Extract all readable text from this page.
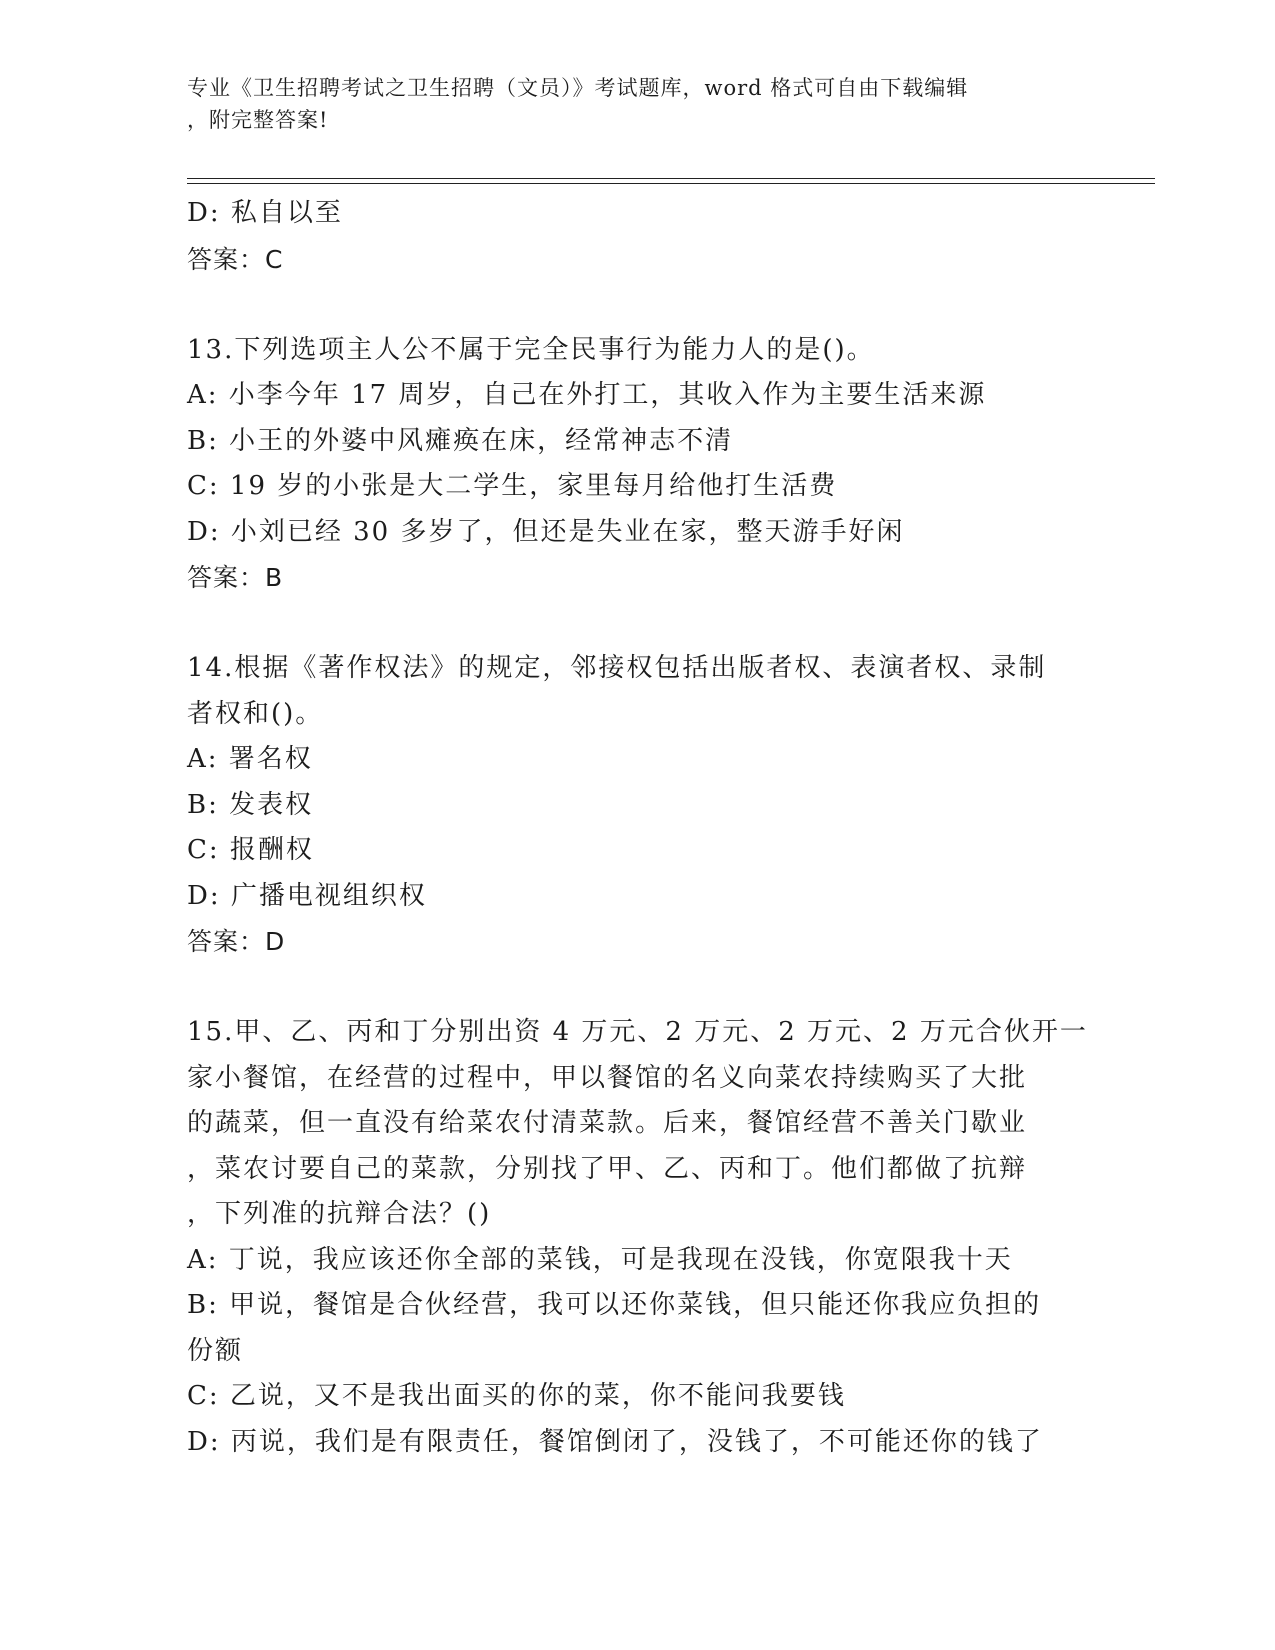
专业《卫生招聘考试之卫生招聘（文员）》考试题库，word 格式可自由下载编辑
，附完整答案!
D: 私自以至
答案：C
13.下列选项主人公不属于完全民事行为能力人的是()。
A: 小李今年 17 周岁，自己在外打工，其收入作为主要生活来源
B: 小王的外婆中风瘫痪在床，经常神志不清
C: 19 岁的小张是大二学生，家里每月给他打生活费
D: 小刘已经 30 多岁了，但还是失业在家，整天游手好闲
答案：B
14.根据《著作权法》的规定，邻接权包括出版者权、表演者权、录制
者权和()。
A: 署名权
B: 发表权
C: 报酬权
D: 广播电视组织权
答案：D
15.甲、乙、丙和丁分别出资 4 万元、2 万元、2 万元、2 万元合伙开一
家小餐馆，在经营的过程中，甲以餐馆的名义向菜农持续购买了大批
的蔬菜，但一直没有给菜农付清菜款。后来，餐馆经营不善关门歇业
，菜农讨要自己的菜款，分别找了甲、乙、丙和丁。他们都做了抗辩
，下列准的抗辩合法？()
A: 丁说，我应该还你全部的菜钱，可是我现在没钱，你宽限我十天
B: 甲说，餐馆是合伙经营，我可以还你菜钱，但只能还你我应负担的
份额
C: 乙说，又不是我出面买的你的菜，你不能问我要钱
D: 丙说，我们是有限责任，餐馆倒闭了，没钱了，不可能还你的钱了
